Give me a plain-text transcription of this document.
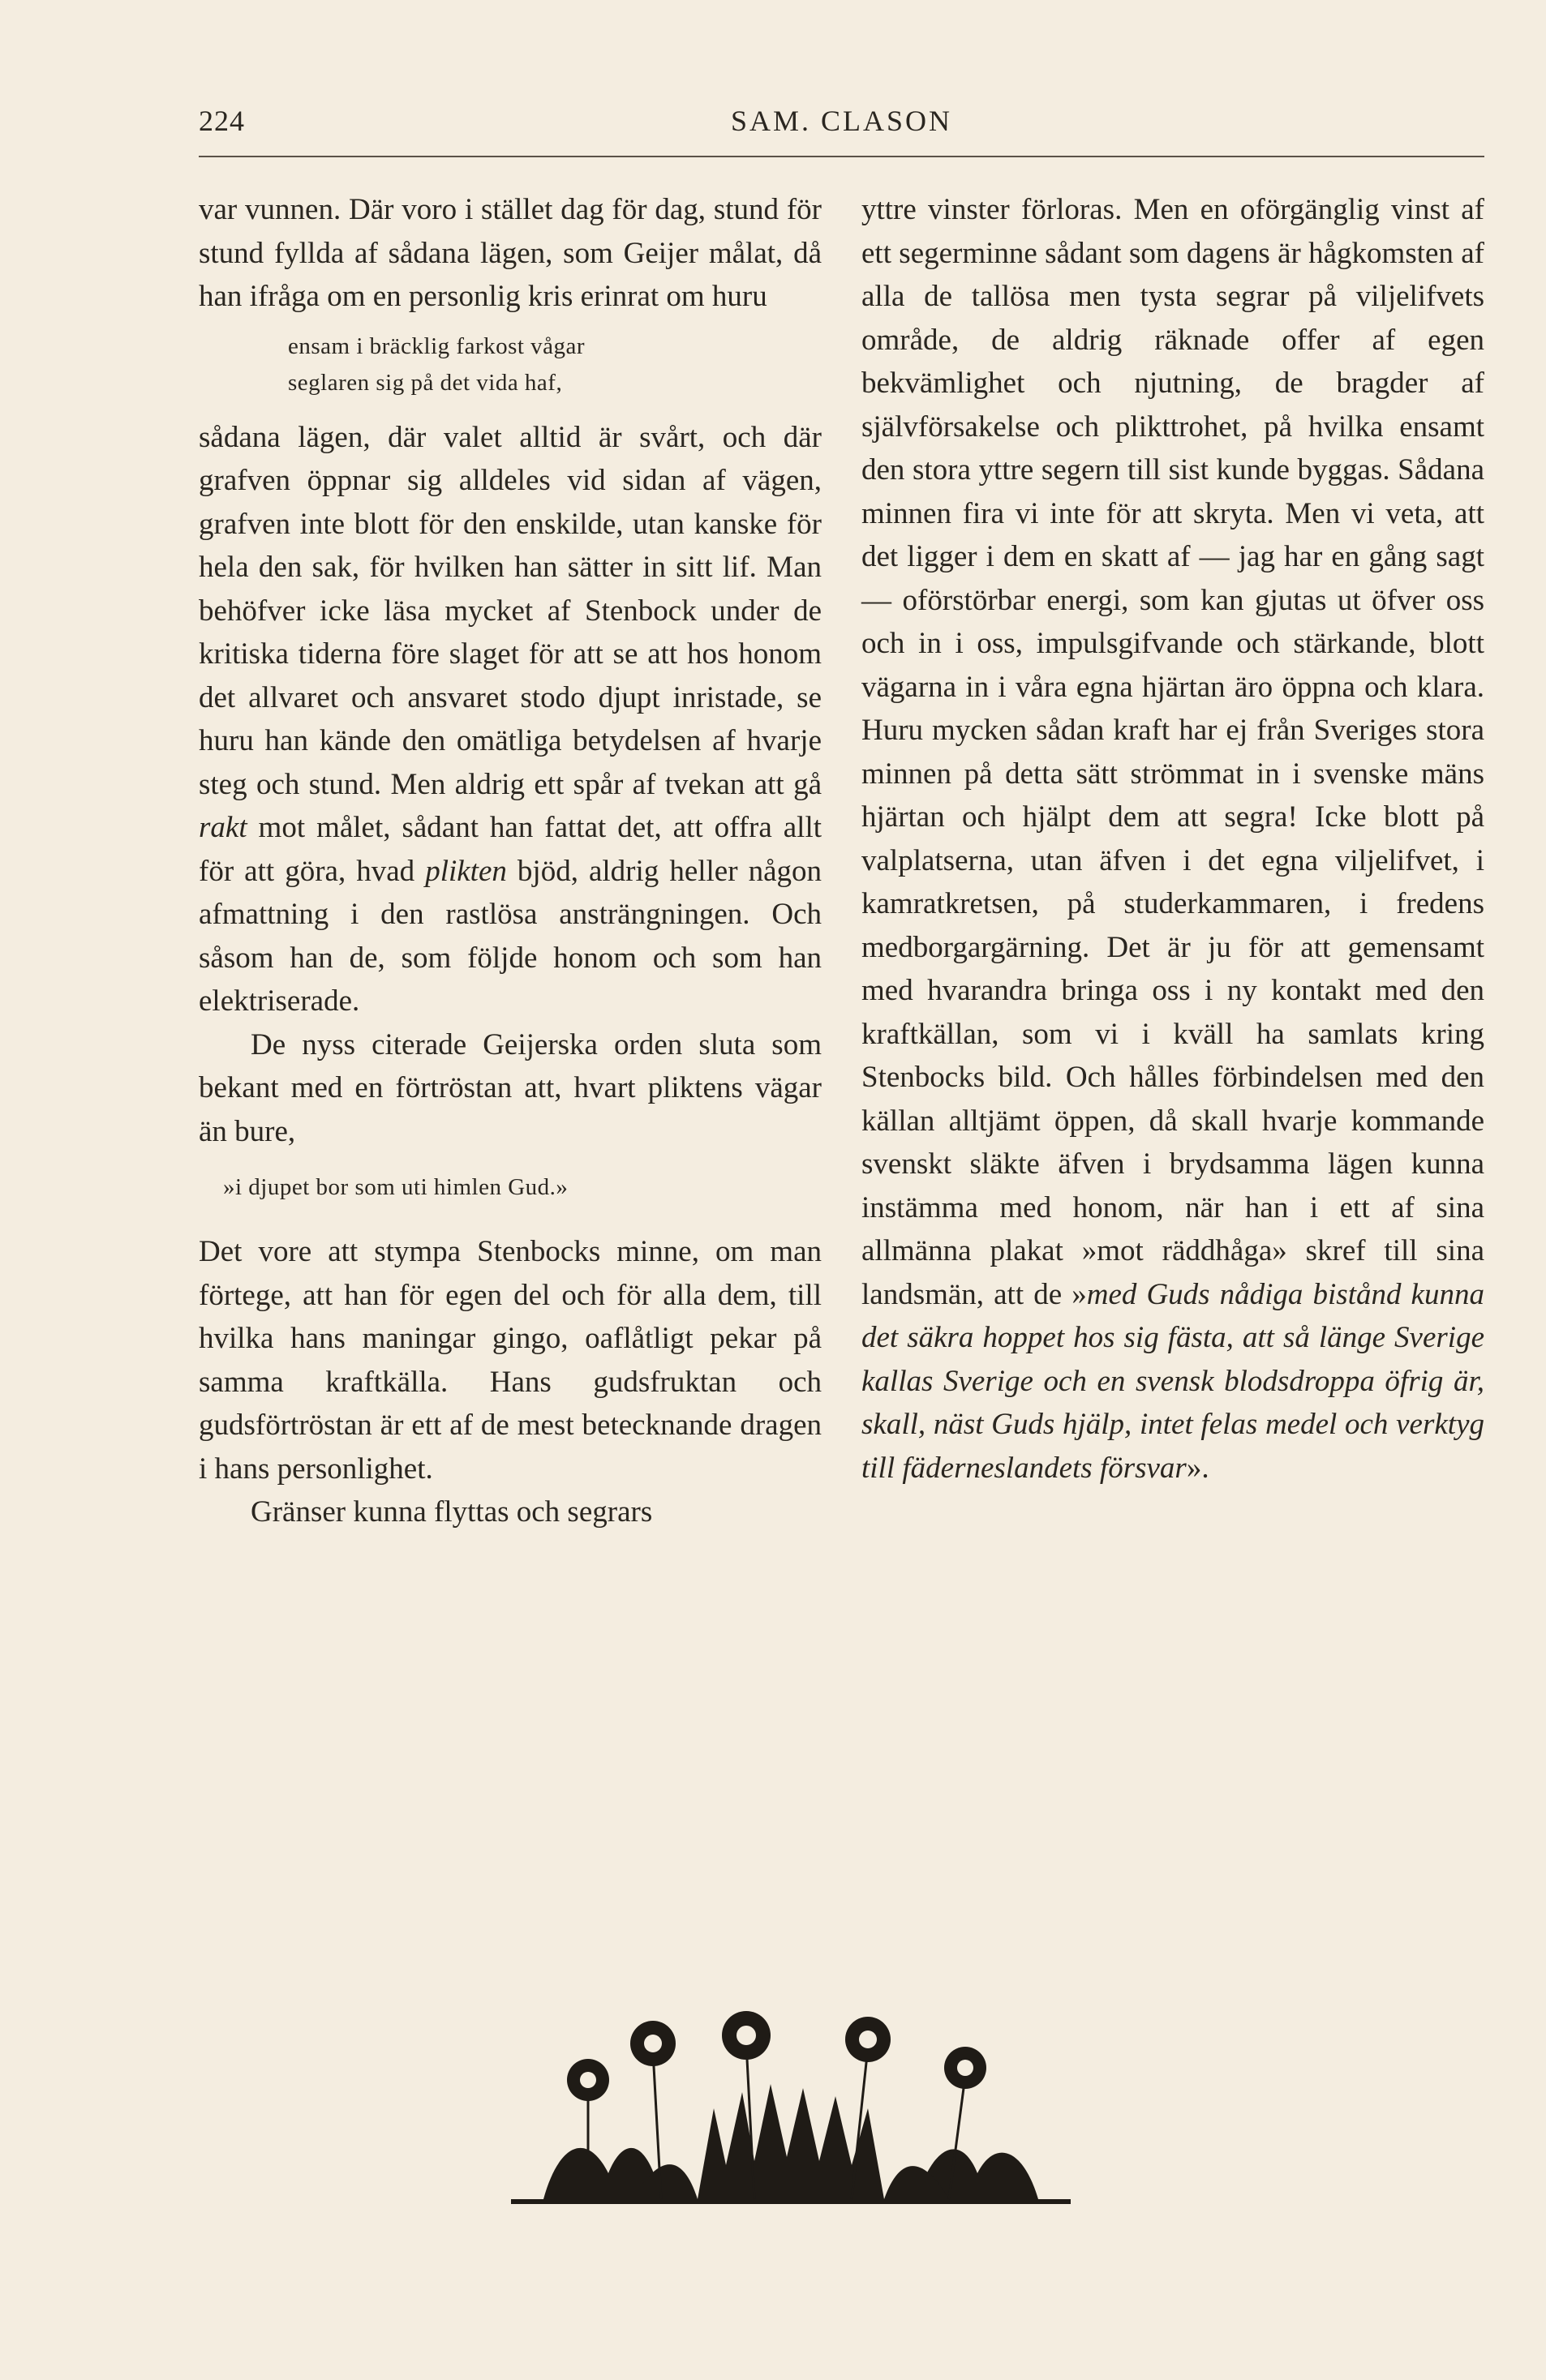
224	SAM. CLASON

var vunnen. Där voro i stället dag för dag, stund för stund fyllda af sådana lägen, som Geijer målat, då han ifråga om en personlig kris erinrat om huru

ensam i bräcklig farkost vågar
seglaren sig på det vida haf,

sådana lägen, där valet alltid är svårt, och där grafven öppnar sig alldeles vid sidan af vägen, grafven inte blott för den enskilde, utan kanske för hela den sak, för hvilken han sätter in sitt lif. Man behöfver icke läsa mycket af Stenbock under de kritiska tiderna före slaget för att se att hos honom det allvaret och ansvaret stodo djupt inristade, se huru han kände den omätliga betydelsen af hvarje steg och stund. Men aldrig ett spår af tvekan att gå rakt mot målet, sådant han fattat det, att offra allt för att göra, hvad plikten bjöd, aldrig heller någon afmattning i den rastlösa ansträngningen. Och såsom han de, som följde honom och som han elektriserade.

De nyss citerade Geijerska orden sluta som bekant med en förtröstan att, hvart pliktens vägar än bure,

»i djupet bor som uti himlen Gud.»

Det vore att stympa Stenbocks minne, om man förtege, att han för egen del och för alla dem, till hvilka hans maningar gingo, oaflåtligt pekar på samma kraftkälla. Hans gudsfruktan och gudsförtröstan är ett af de mest betecknande dragen i hans personlighet.

Gränser kunna flyttas och segrars

yttre vinster förloras. Men en oförgänglig vinst af ett segerminne sådant som dagens är hågkomsten af alla de tallösa men tysta segrar på viljelifvets område, de aldrig räknade offer af egen bekvämlighet och njutning, de bragder af självförsakelse och plikttrohet, på hvilka ensamt den stora yttre segern till sist kunde byggas. Sådana minnen fira vi inte för att skryta. Men vi veta, att det ligger i dem en skatt af — jag har en gång sagt — oförstörbar energi, som kan gjutas ut öfver oss och in i oss, impulsgifvande och stärkande, blott vägarna in i våra egna hjärtan äro öppna och klara. Huru mycken sådan kraft har ej från Sveriges stora minnen på detta sätt strömmat in i svenske mäns hjärtan och hjälpt dem att segra! Icke blott på valplatserna, utan äfven i det egna viljelifvet, i kamratkretsen, på studerkammaren, i fredens medborgargärning. Det är ju för att gemensamt med hvarandra bringa oss i ny kontakt med den kraftkällan, som vi i kväll ha samlats kring Stenbocks bild. Och hålles förbindelsen med den källan alltjämt öppen, då skall hvarje kommande svenskt släkte äfven i brydsamma lägen kunna instämma med honom, när han i ett af sina allmänna plakat »mot räddhåga» skref till sina landsmän, att de »med Guds nådiga bistånd kunna det säkra hoppet hos sig fästa, att så länge Sverige kallas Sverige och en svensk blodsdroppa öfrig är, skall, näst Guds hjälp, intet felas medel och verktyg till fäderneslandets försvar».
